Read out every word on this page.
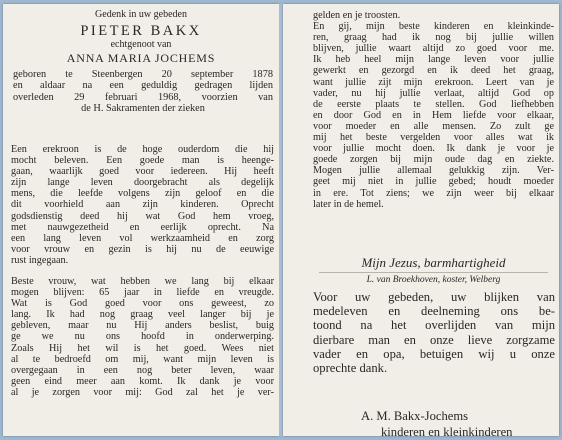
Gedenk in uw gebeden

PIETER BAKX

echtgenoot van

ANNA MARIA JOCHEMS

geboren te Steenbergen 20 september 1878
en aldaar na een geduldig gedragen lijden
overleden 29 februari 1968, voorzien van
de H. Sakramenten der zieken
Een erekroon is de hoge ouderdom die hij
mocht beleven. Een goede man is heenge-
gaan, waarlijk goed voor iedereen. Hij heeft
zijn lange leven doorgebracht als degelijk
mens, die leefde volgens zijn geloof en die
dit voorhield aan zijn kinderen. Oprecht
godsdienstig deed hij wat God hem vroeg,
met nauwgezetheid en eerlijk oprecht. Na
een lang leven vol werkzaamheid en zorg
voor vrouw en gezin is hij nu de eeuwige
rust ingegaan.
Beste vrouw, wat hebben we lang bij elkaar
mogen blijven: 65 jaar in liefde en vreugde.
Wat is God goed voor ons geweest, zo
lang. Ik had nog graag veel langer bij je
gebleven, maar nu Hij anders beslist, buig
ge we nu ons hoofd in onderwerping.
Zoals Hij het wil is het goed. Wees niet
al te bedroefd om mij, want mijn leven is
overgegaan in een nog beter leven, waar
geen eind meer aan komt. Ik dank je voor
al je zorgen voor mij: God zal het je ver-
gelden en je troosten.
En gij, mijn beste kinderen en kleinkinde-
ren, graag had ik nog bij jullie willen
blijven, jullie waart altijd zo goed voor me.
Ik heb heel mijn lange leven voor jullie
gewerkt en gezorgd en ik deed het graag,
want jullie zijt mijn erekroon. Leert van je
vader, nu hij jullie verlaat, altijd God op
de eerste plaats te stellen. God liefhebben
en door God en in Hem liefde voor elkaar,
voor moeder en alle mensen. Zo zult ge
mij het beste vergelden voor alles wat ik
voor jullie mocht doen. Ik dank je voor je
goede zorgen bij mijn oude dag en ziekte.
Mogen jullie allemaal gelukkig zijn. Ver-
geet mij niet in jullie gebed; houdt moeder
in ere. Tot ziens; we zijn weer bij elkaar
later in de hemel.
Mijn Jezus, barmhartigheid
L. van Broekhoven, koster, Welberg
Voor uw gebeden, uw blijken van
medeleven en deelneming ons be-
toond na het overlijden van mijn
dierbare man en onze lieve zorgzame
vader en opa, betuigen wij u onze
oprechte dank.
A. M. Bakx-Jochems
kinderen en kleinkinderen
